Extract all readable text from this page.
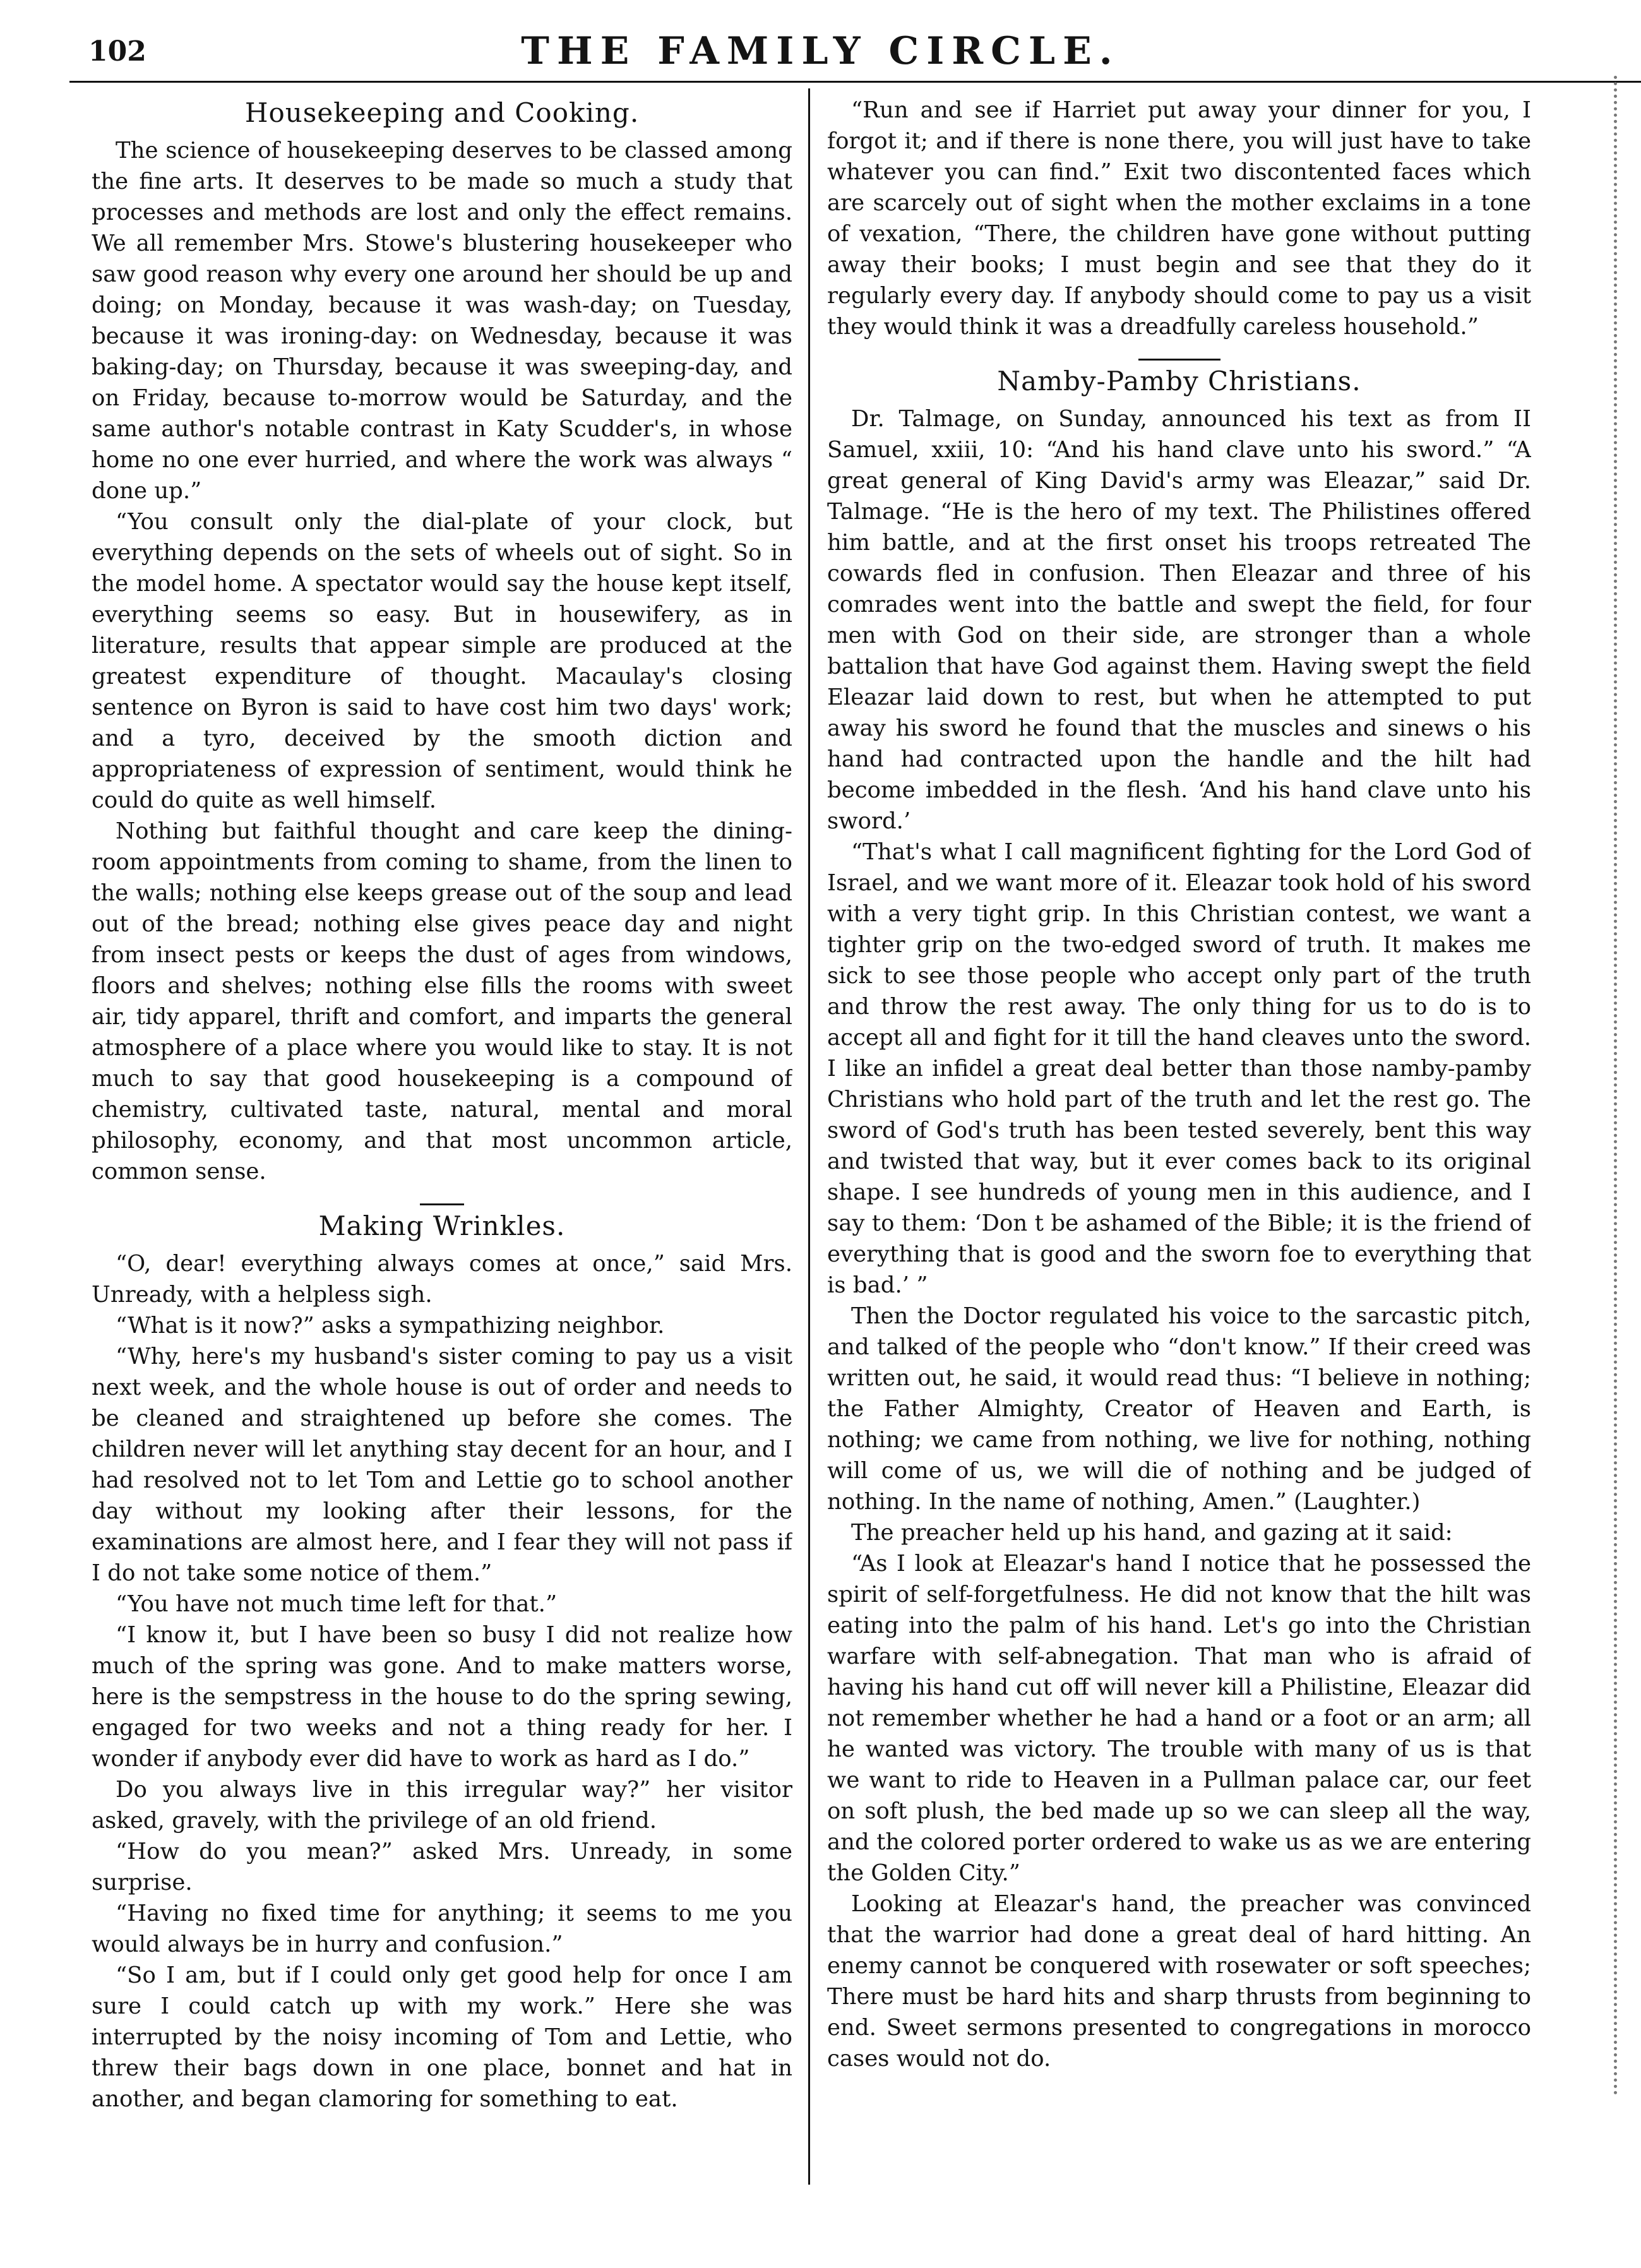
102	THE FAMILY CIRCLE.
Housekeeping and Cooking.

The science of housekeeping deserves to be classed among the fine arts. It deserves to be made so much a study that processes and methods are lost and only the effect remains. We all remember Mrs. Stowe's blustering housekeeper who saw good reason why every one around her should be up and doing; on Monday, because it was wash-day; on Tuesday, because it was ironing-day: on Wednesday, because it was baking-day; on Thursday, because it was sweeping-day, and on Friday, because to-morrow would be Saturday, and the same author's notable contrast in Katy Scudder's, in whose home no one ever hurried, and where the work was always “ done up.”

“You consult only the dial-plate of your clock, but everything depends on the sets of wheels out of sight. So in the model home. A spectator would say the house kept itself, everything seems so easy. But in housewifery, as in literature, results that appear simple are produced at the greatest expenditure of thought. Macaulay's closing sentence on Byron is said to have cost him two days' work; and a tyro, deceived by the smooth diction and appropriateness of expression of sentiment, would think he could do quite as well himself.

Nothing but faithful thought and care keep the dining-room appointments from coming to shame, from the linen to the walls; nothing else keeps grease out of the soup and lead out of the bread; nothing else gives peace day and night from insect pests or keeps the dust of ages from windows, floors and shelves; nothing else fills the rooms with sweet air, tidy apparel, thrift and comfort, and imparts the general atmosphere of a place where you would like to stay. It is not much to say that good housekeeping is a compound of chemistry, cultivated taste, natural, mental and moral philosophy, economy, and that most uncommon article, common sense.

Making Wrinkles.

“O, dear! everything always comes at once,” said Mrs. Unready, with a helpless sigh.

“What is it now?” asks a sympathizing neighbor.

“Why, here's my husband's sister coming to pay us a visit next week, and the whole house is out of order and needs to be cleaned and straightened up before she comes. The children never will let anything stay decent for an hour, and I had resolved not to let Tom and Lettie go to school another day without my looking after their lessons, for the examinations are almost here, and I fear they will not pass if I do not take some notice of them.”

“You have not much time left for that.”

“I know it, but I have been so busy I did not realize how much of the spring was gone. And to make matters worse, here is the sempstress in the house to do the spring sewing, engaged for two weeks and not a thing ready for her. I wonder if anybody ever did have to work as hard as I do.”

Do you always live in this irregular way?” her visitor asked, gravely, with the privilege of an old friend.

“How do you mean?” asked Mrs. Unready, in some surprise.

“Having no fixed time for anything; it seems to me you would always be in hurry and confusion.”

“So I am, but if I could only get good help for once I am sure I could catch up with my work.” Here she was interrupted by the noisy incoming of Tom and Lettie, who threw their bags down in one place, bonnet and hat in another, and began clamoring for something to eat.

“Run and see if Harriet put away your dinner for you, I forgot it; and if there is none there, you will just have to take whatever you can find.” Exit two discontented faces which are scarcely out of sight when the mother exclaims in a tone of vexation, “There, the children have gone without putting away their books; I must begin and see that they do it regularly every day. If anybody should come to pay us a visit they would think it was a dreadfully careless household.”

Namby-Pamby Christians.

Dr. Talmage, on Sunday, announced his text as from II Samuel, xxiii, 10: “And his hand clave unto his sword.” “A great general of King David's army was Eleazar,” said Dr. Talmage. “He is the hero of my text. The Philistines offered him battle, and at the first onset his troops retreated The cowards fled in confusion. Then Eleazar and three of his comrades went into the battle and swept the field, for four men with God on their side, are stronger than a whole battalion that have God against them. Having swept the field Eleazar laid down to rest, but when he attempted to put away his sword he found that the muscles and sinews o his hand had contracted upon the handle and the hilt had become imbedded in the flesh. ‘And his hand clave unto his sword.’

“That's what I call magnificent fighting for the Lord God of Israel, and we want more of it. Eleazar took hold of his sword with a very tight grip. In this Christian contest, we want a tighter grip on the two-edged sword of truth. It makes me sick to see those people who accept only part of the truth and throw the rest away. The only thing for us to do is to accept all and fight for it till the hand cleaves unto the sword. I like an infidel a great deal better than those namby-pamby Christians who hold part of the truth and let the rest go. The sword of God's truth has been tested severely, bent this way and twisted that way, but it ever comes back to its original shape. I see hundreds of young men in this audience, and I say to them: ‘Don t be ashamed of the Bible; it is the friend of everything that is good and the sworn foe to everything that is bad.’ ”

Then the Doctor regulated his voice to the sarcastic pitch, and talked of the people who “don't know.” If their creed was written out, he said, it would read thus: “I believe in nothing; the Father Almighty, Creator of Heaven and Earth, is nothing; we came from nothing, we live for nothing, nothing will come of us, we will die of nothing and be judged of nothing. In the name of nothing, Amen.” (Laughter.)

The preacher held up his hand, and gazing at it said:

“As I look at Eleazar's hand I notice that he possessed the spirit of self-forgetfulness. He did not know that the hilt was eating into the palm of his hand. Let's go into the Christian warfare with self-abnegation. That man who is afraid of having his hand cut off will never kill a Philistine, Eleazar did not remember whether he had a hand or a foot or an arm; all he wanted was victory. The trouble with many of us is that we want to ride to Heaven in a Pullman palace car, our feet on soft plush, the bed made up so we can sleep all the way, and the colored porter ordered to wake us as we are entering the Golden City.”

Looking at Eleazar's hand, the preacher was convinced that the warrior had done a great deal of hard hitting. An enemy cannot be conquered with rosewater or soft speeches; There must be hard hits and sharp thrusts from beginning to end. Sweet sermons presented to congregations in morocco cases would not do.
